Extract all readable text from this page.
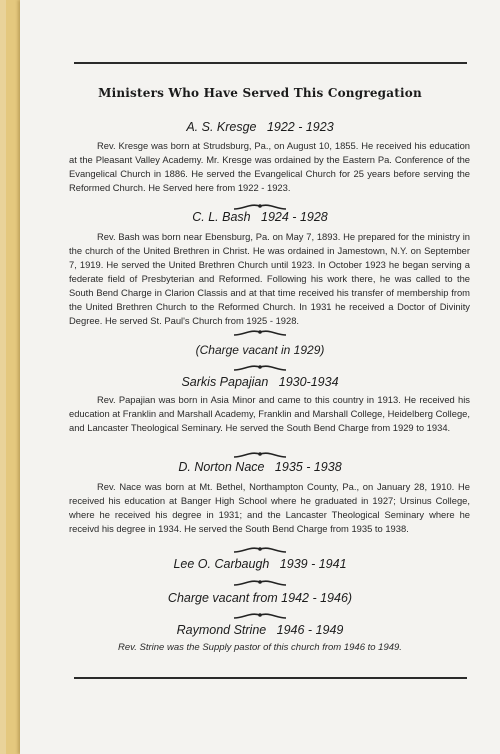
Ministers Who Have Served This Congregation
A. S. Kresge 1922 - 1923

Rev. Kresge was born at Strudsburg, Pa., on August 10, 1855. He received his education at the Pleasant Valley Academy. Mr. Kresge was ordained by the Eastern Pa. Conference of the Evangelical Church in 1886. He served the Evangelical Church for 25 years before serving the Reformed Church. He Served here from 1922 - 1923.

C. L. Bash 1924 - 1928

Rev. Bash was born near Ebensburg, Pa. on May 7, 1893. He prepared for the ministry in the church of the United Brethren in Christ. He was ordained in Jamestown, N.Y. on September 7, 1919. He served the United Brethren Church until 1923. In October 1923 he began serving a federate field of Presbyterian and Reformed. Following his work there, he was called to the South Bend Charge in Clarion Classis and at that time received his transfer of membership from the United Brethren Church to the Reformed Church. In 1931 he received a Doctor of Divinity Degree. He served St. Paul's Church from 1925 - 1928.

(Charge vacant in 1929)
Sarkis Papajian 1930-1934

Rev. Papajian was born in Asia Minor and came to this country in 1913. He received his education at Franklin and Marshall Academy, Franklin and Marshall College, Heidelberg College, and Lancaster Theological Seminary. He served the South Bend Charge from 1929 to 1934.

D. Norton Nace 1935 - 1938

Rev. Nace was born at Mt. Bethel, Northampton County, Pa., on January 28, 1910. He received his education at Banger High School where he graduated in 1927; Ursinus College, where he received his degree in 1931; and the Lancaster Theological Seminary where he receivd his degree in 1934. He served the South Bend Charge from 1935 to 1938.

Lee O. Carbaugh 1939 - 1941
Charge vacant from 1942 - 1946)
Raymond Strine 1946 - 1949
Rev. Strine was the Supply pastor of this church from 1946 to 1949.
